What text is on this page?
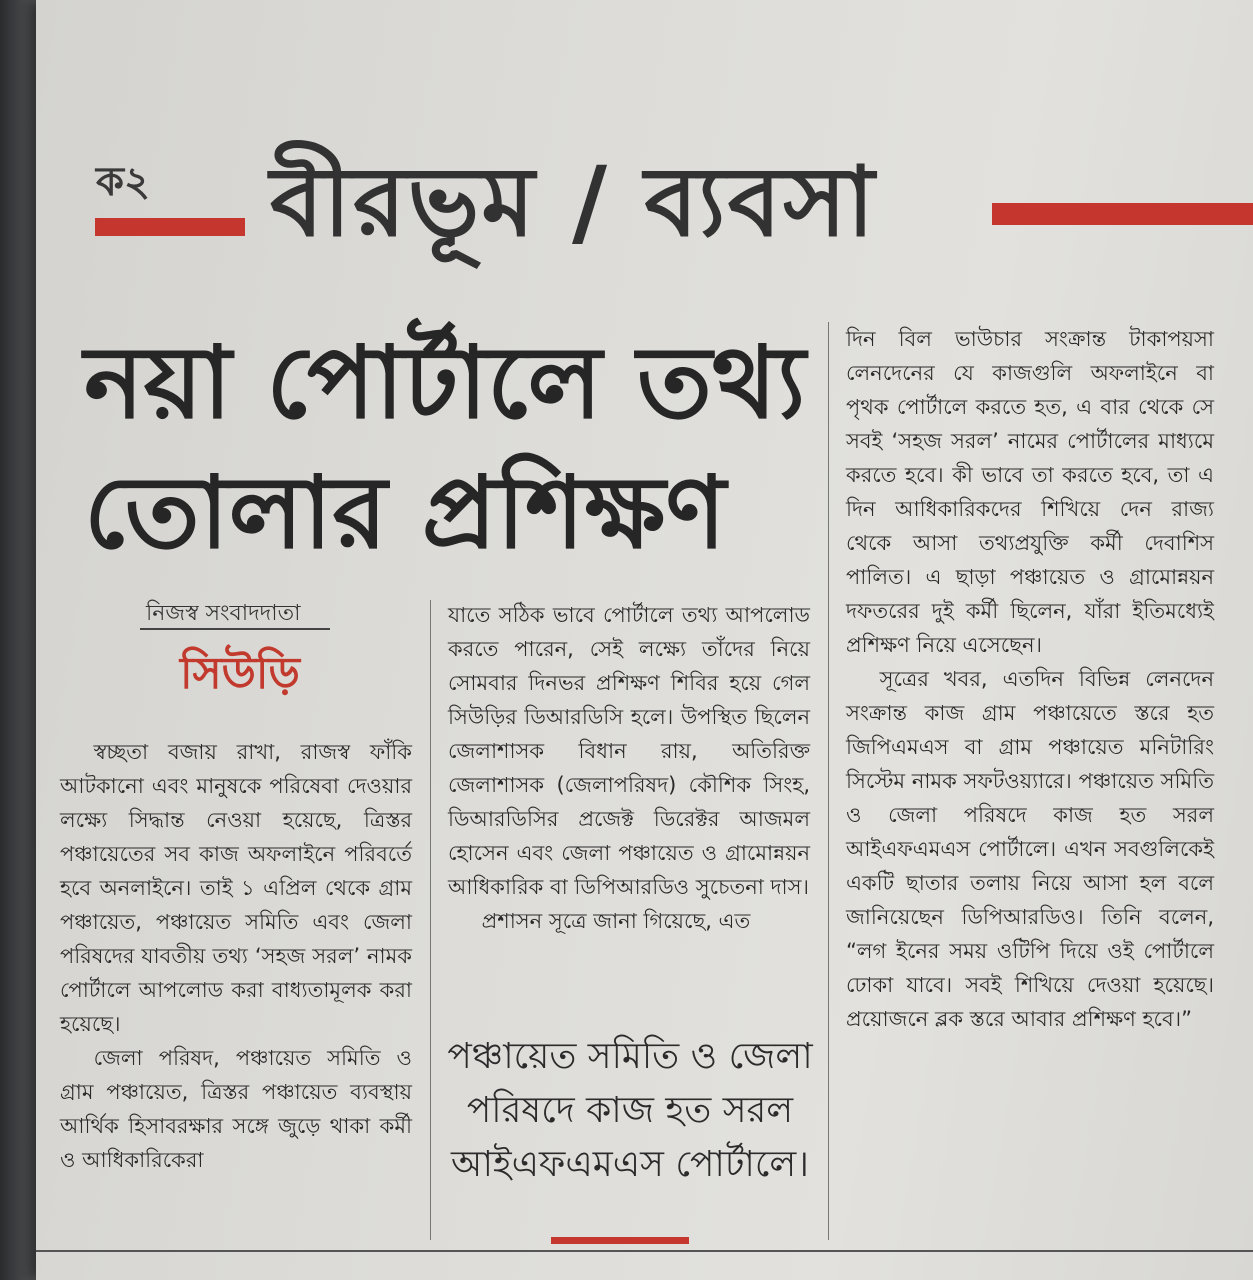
ক২ বীরভূম / ব্যবসা
নয়া পোর্টালে তথ্য
তোলার প্রশিক্ষণ
নিজস্ব সংবাদদাতা
সিউড়ি

স্বচ্ছতা বজায় রাখা, রাজস্ব ফাঁকি আটকানো এবং মানুষকে পরিষেবা দেওয়ার লক্ষ্যে সিদ্ধান্ত নেওয়া হয়েছে, ত্রিস্তর পঞ্চায়েতের সব কাজ অফলাইনে পরিবর্তে হবে অনলাইনে। তাই ১ এপ্রিল থেকে গ্রাম পঞ্চায়েত, পঞ্চায়েত সমিতি এবং জেলা পরিষদের যাবতীয় তথ্য ‘সহজ সরল’ নামক পোর্টালে আপলোড করা বাধ্যতামূলক করা হয়েছে।

জেলা পরিষদ, পঞ্চায়েত সমিতি ও গ্রাম পঞ্চায়েত, ত্রিস্তর পঞ্চায়েত ব্যবস্থায় আর্থিক হিসাবরক্ষার সঙ্গে জুড়ে থাকা কর্মী ও আধিকারিকেরা

যাতে সঠিক ভাবে পোর্টালে তথ্য আপলোড করতে পারেন, সেই লক্ষ্যে তাঁদের নিয়ে সোমবার দিনভর প্রশিক্ষণ শিবির হয়ে গেল সিউড়ির ডিআরডিসি হলে। উপস্থিত ছিলেন জেলাশাসক বিধান রায়, অতিরিক্ত জেলাশাসক (জেলাপরিষদ) কৌশিক সিংহ, ডিআরডিসির প্রজেক্ট ডিরেক্টর আজমল হোসেন এবং জেলা পঞ্চায়েত ও গ্রামোন্নয়ন আধিকারিক বা ডিপিআরডিও সুচেতনা দাস।

প্রশাসন সূত্রে জানা গিয়েছে, এত

পঞ্চায়েত সমিতি ও জেলা পরিষদে কাজ হত সরল আইএফএমএস পোর্টালে।

দিন বিল ভাউচার সংক্রান্ত টাকাপয়সা লেনদেনের যে কাজগুলি অফলাইনে বা পৃথক পোর্টালে করতে হত, এ বার থেকে সে সবই ‘সহজ সরল’ নামের পোর্টালের মাধ্যমে করতে হবে। কী ভাবে তা করতে হবে, তা এ দিন আধিকারিকদের শিখিয়ে দেন রাজ্য থেকে আসা তথ্যপ্রযুক্তি কর্মী দেবাশিস পালিত। এ ছাড়া পঞ্চায়েত ও গ্রামোন্নয়ন দফতরের দুই কর্মী ছিলেন, যাঁরা ইতিমধ্যেই প্রশিক্ষণ নিয়ে এসেছেন।

সূত্রের খবর, এতদিন বিভিন্ন লেনদেন সংক্রান্ত কাজ গ্রাম পঞ্চায়েতে স্তরে হত জিপিএমএস বা গ্রাম পঞ্চায়েত মনিটারিং সিস্টেম নামক সফটওয়্যারে। পঞ্চায়েত সমিতি ও জেলা পরিষদে কাজ হত সরল আইএফএমএস পোর্টালে। এখন সবগুলিকেই একটি ছাতার তলায় নিয়ে আসা হল বলে জানিয়েছেন ডিপিআরডিও। তিনি বলেন, “লগ ইনের সময় ওটিপি দিয়ে ওই পোর্টালে ঢোকা যাবে। সবই শিখিয়ে দেওয়া হয়েছে। প্রয়োজনে ব্লক স্তরে আবার প্রশিক্ষণ হবে।”
